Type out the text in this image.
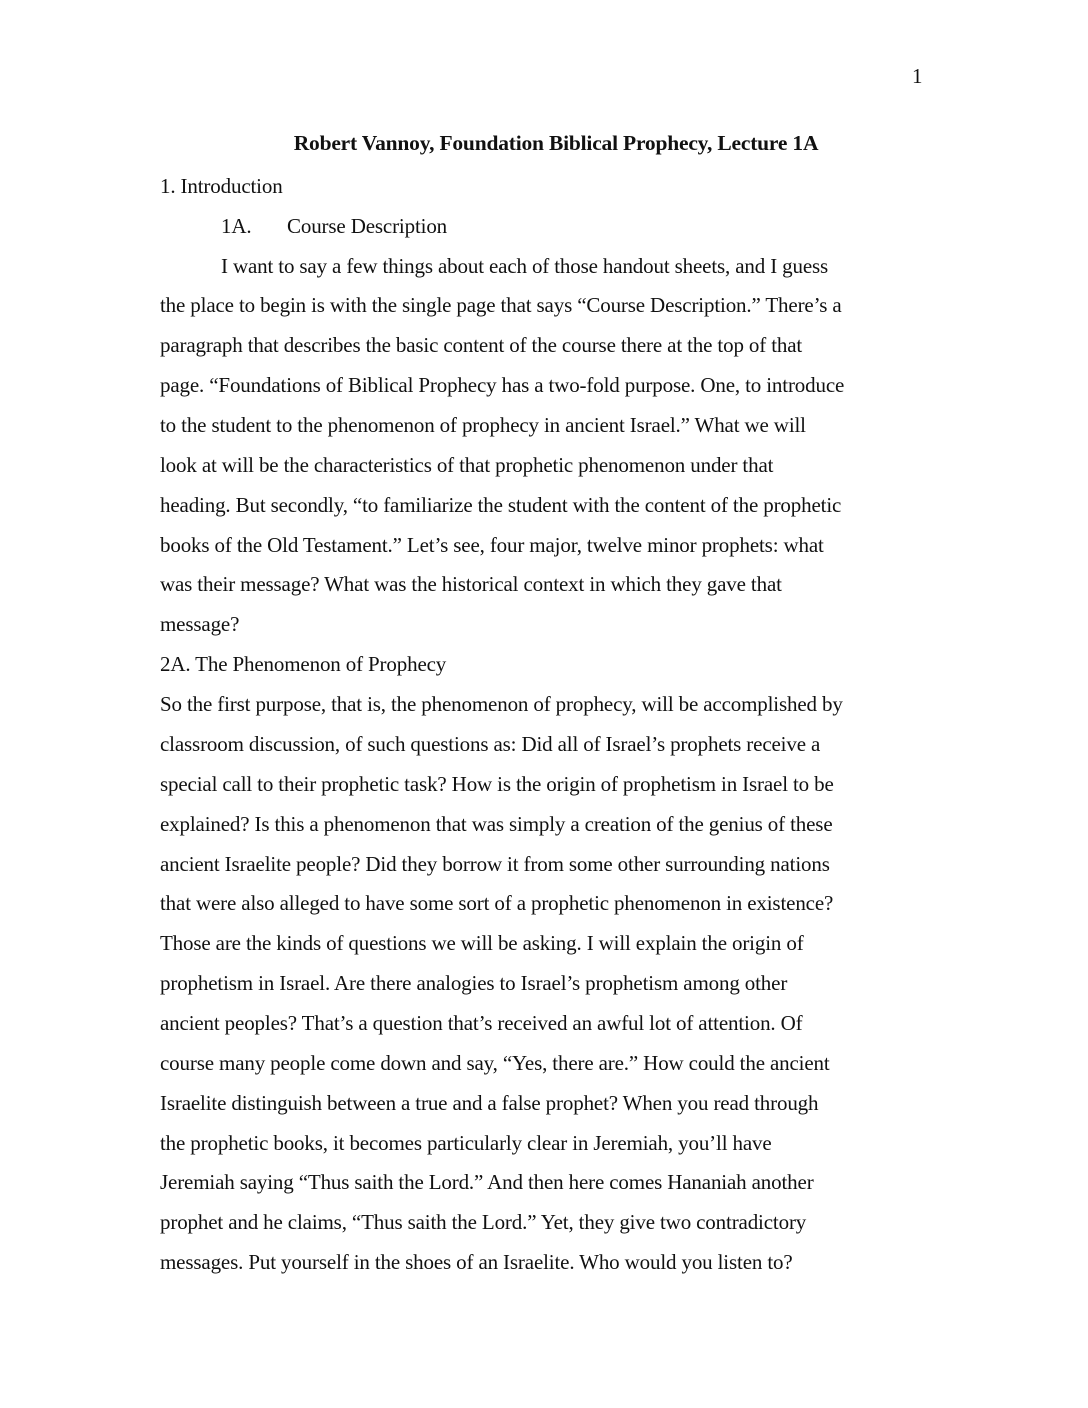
1
Robert Vannoy, Foundation Biblical Prophecy, Lecture 1A
1. Introduction
1A. Course Description
I want to say a few things about each of those handout sheets, and I guess
the place to begin is with the single page that says “Course Description.” There’s a
paragraph that describes the basic content of the course there at the top of that
page. “Foundations of Biblical Prophecy has a two-fold purpose. One, to introduce
to the student to the phenomenon of prophecy in ancient Israel.” What we will
look at will be the characteristics of that prophetic phenomenon under that
heading. But secondly, “to familiarize the student with the content of the prophetic
books of the Old Testament.” Let’s see, four major, twelve minor prophets: what
was their message? What was the historical context in which they gave that
message?
2A. The Phenomenon of Prophecy
So the first purpose, that is, the phenomenon of prophecy, will be accomplished by
classroom discussion, of such questions as: Did all of Israel’s prophets receive a
special call to their prophetic task? How is the origin of prophetism in Israel to be
explained? Is this a phenomenon that was simply a creation of the genius of these
ancient Israelite people? Did they borrow it from some other surrounding nations
that were also alleged to have some sort of a prophetic phenomenon in existence?
Those are the kinds of questions we will be asking. I will explain the origin of
prophetism in Israel. Are there analogies to Israel’s prophetism among other
ancient peoples? That’s a question that’s received an awful lot of attention. Of
course many people come down and say, “Yes, there are.” How could the ancient
Israelite distinguish between a true and a false prophet? When you read through
the prophetic books, it becomes particularly clear in Jeremiah, you’ll have
Jeremiah saying “Thus saith the Lord.” And then here comes Hananiah another
prophet and he claims, “Thus saith the Lord.” Yet, they give two contradictory
messages. Put yourself in the shoes of an Israelite. Who would you listen to?
